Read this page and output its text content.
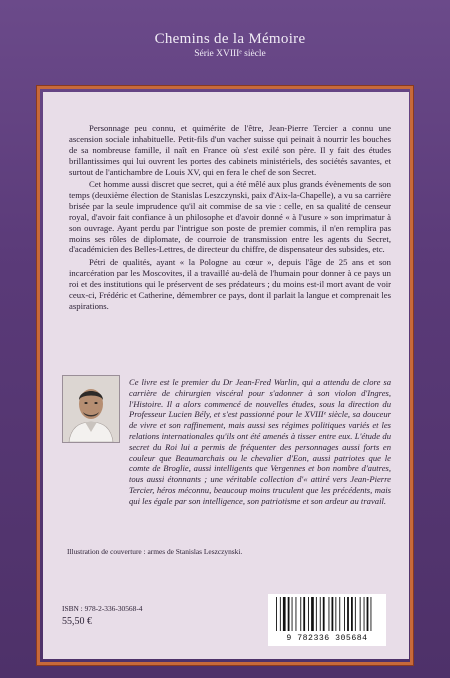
Chemins de la Mémoire
Série XVIIIᵉ siècle

Personnage peu connu, et quimérite de l'être, Jean-Pierre Tercier a connu une ascension sociale inhabituelle. Petit-fils d'un vacher suisse qui peinait à nourrir les bouches de sa nombreuse famille, il naît en France où s'est exilé son père. Il y fait des études brillantissimes qui lui ouvrent les portes des cabinets ministériels, des sociétés savantes, et surtout de l'antichambre de Louis XV, qui en fera le chef de son Secret.

Cet homme aussi discret que secret, qui a été mêlé aux plus grands évènements de son temps (deuxième élection de Stanislas Leszczynski, paix d'Aix-la-Chapelle), a vu sa carrière brisée par la seule imprudence qu'il ait commise de sa vie : celle, en sa qualité de censeur royal, d'avoir fait confiance à un philosophe et d'avoir donné « à l'usure » son imprimatur à son ouvrage. Ayant perdu par l'intrigue son poste de premier commis, il n'en remplira pas moins ses rôles de diplomate, de courroie de transmission entre les agents du Secret, d'académicien des Belles-Lettres, de directeur du chiffre, de dispensateur des subsides, etc.

Pétri de qualités, ayant « la Pologne au cœur », depuis l'âge de 25 ans et son incarcération par les Moscovites, il a travaillé au-delà de l'humain pour donner à ce pays un roi et des institutions qui le préservent de ses prédateurs ; du moins est-il mort avant de voir ceux-ci, Frédéric et Catherine, démembrer ce pays, dont il parlait la langue et comprenait les aspirations.

Ce livre est le premier du Dr Jean-Fred Warlin, qui a attendu de clore sa carrière de chirurgien viscéral pour s'adonner à son violon d'Ingres, l'Histoire. Il a alors commencé de nouvelles études, sous la direction du Professeur Lucien Bély, et s'est passionné pour le XVIIIᵉ siècle, sa douceur de vivre et son raffinement, mais aussi ses régimes politiques variés et les relations internationales qu'ils ont été amenés à tisser entre eux. L'étude du secret du Roi lui a permis de fréquenter des personnages aussi forts en couleur que Beaumarchais ou le chevalier d'Eon, aussi patriotes que le comte de Broglie, aussi intelligents que Vergennes et bon nombre d'autres, tous aussi étonnants ; une véritable collection d'« attiré vers Jean-Pierre Tercier, héros méconnu, beaucoup moins truculent que les précédents, mais qui les égale par son intelligence, son patriotisme et son ardeur au travail.

Illustration de couverture : armes de Stanislas Leszczynski.
ISBN : 978-2-336-30568-4
55,50 €
9 782336 305684
